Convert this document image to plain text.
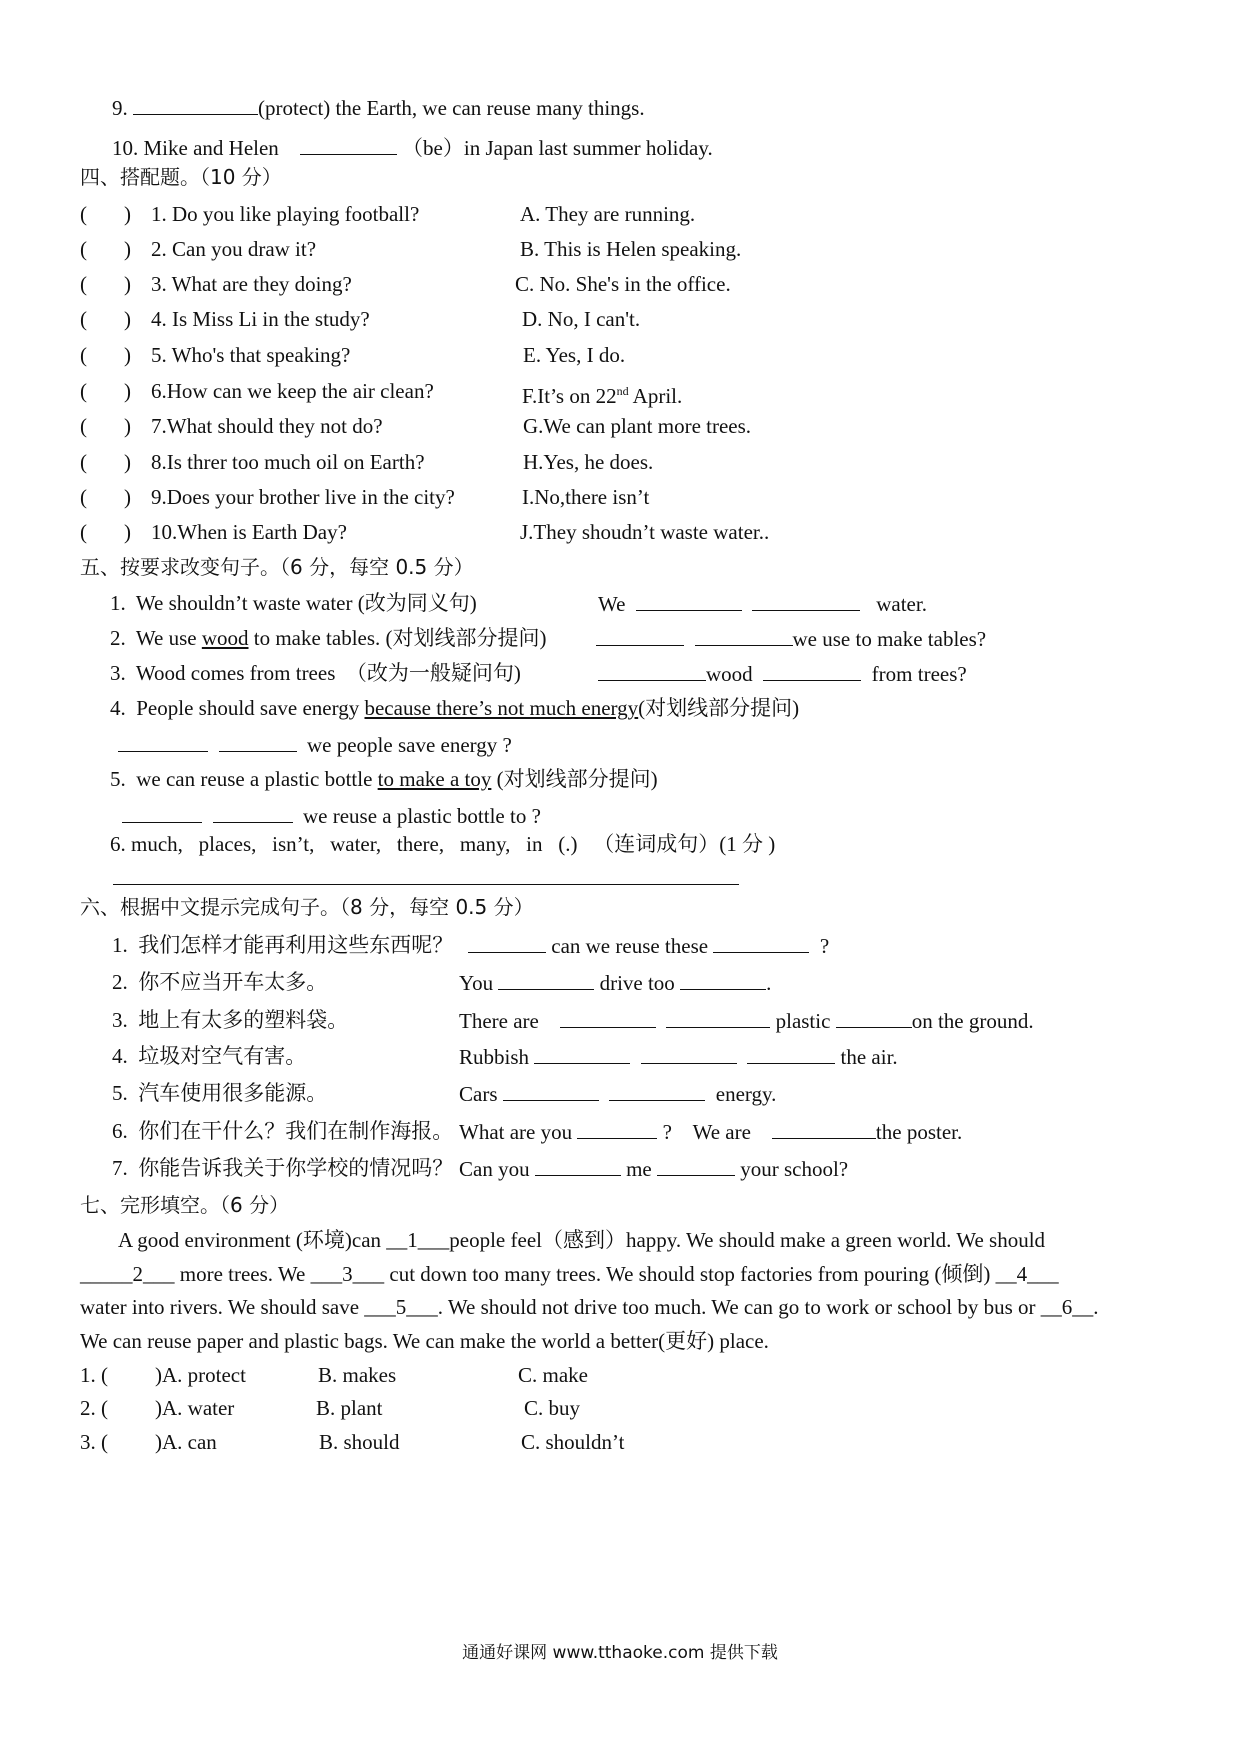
9.	(protect) the Earth, we can reuse many things.
10. Mike and Helen	（be）in Japan last summer holiday.
四、搭配题。（10 分）
( ) 1. Do you like playing football?	A. They are running.
( ) 2. Can you draw it?	B. This is Helen speaking.
( ) 3. What are they doing?	C. No. She's in the office.
( ) 4. Is Miss Li in the study?	D. No, I can't.
( ) 5. Who's that speaking?	E. Yes, I do.
( ) 6.How can we keep the air clean?	F.It’s on 22nd April.
( ) 7.What should they not do?	G.We can plant more trees.
( ) 8.Is threr too much oil on Earth?	H.Yes, he does.
( ) 9.Does your brother live in the city?	I.No,there isn’t
( ) 10.When is Earth Day?	J.They shoudn’t waste water..
五、按要求改变句子。（6 分，每空 0.5 分）
1. We shouldn’t waste water (改为同义句)	We	water.
2. We use wood to make tables. (对划线部分提问)	we use to make tables?
3. Wood comes from trees  （改为一般疑问句)	wood	from trees?
4. People should save energy because there’s not much energy(对划线部分提问)
we people save energy ?
5. we can reuse a plastic bottle to make a toy (对划线部分提问)
we reuse a plastic bottle to ?
6. much,   places,   isn’t,   water,   there,   many,   in   (.)   （连词成句）(1 分 )
六、根据中文提示完成句子。（8 分，每空 0.5 分）
1. 我们怎样才能再利用这些东西呢？	can we reuse these	?
2. 你不应当开车太多。	You	drive too	.
3. 地上有太多的塑料袋。	There are	plastic	on the ground.
4. 垃圾对空气有害。	Rubbish	the air.
5. 汽车使用很多能源。	Cars	energy.
6. 你们在干什么？我们在制作海报。 What are you	?    We are	the poster.
7. 你能告诉我关于你学校的情况吗？ Can you	me	your school?
七、完形填空。（6 分）
A good environment (环境)can __1___people feel（感到）happy. We should make a green world. We should
_____2___ more trees. We ___3___ cut down too many trees. We should stop factories from pouring (倾倒) __4___
water into rivers. We should save ___5___. We should not drive too much. We can go to work or school by bus or __6__.
We can reuse paper and plastic bags. We can make the world a better(更好) place.
1. ( )A. protect	B. makes	C. make
2. ( )A. water	B. plant	C. buy
3. ( )A. can	B. should	C. shouldn’t
通通好课网 www.tthaoke.com 提供下载
